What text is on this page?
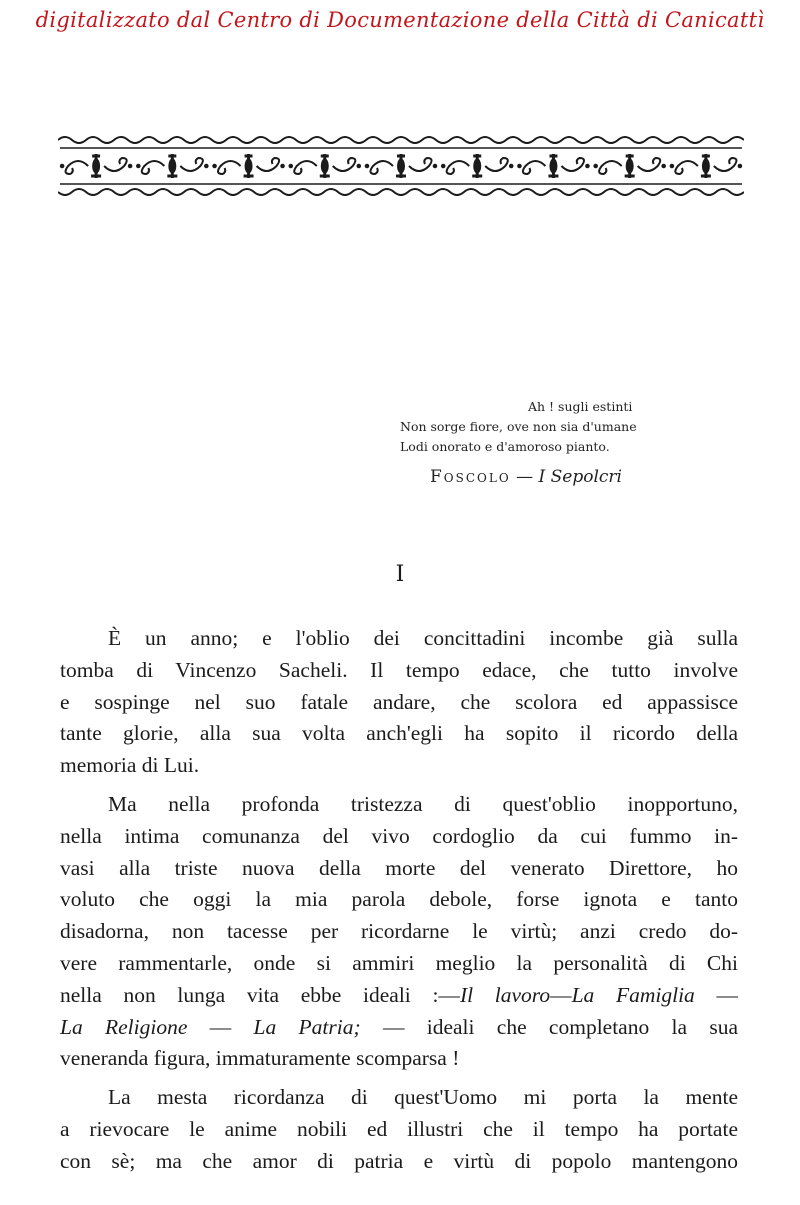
digitalizzato dal Centro di Documentazione della Città di Canicattì
Ah ! sugli estinti
Non sorge fiore, ove non sia d'umane
Lodi onorato e d'amoroso pianto.
Foscolo — I Sepolcri
I
È un anno; e l'oblio dei concittadini incombe già sulla
tomba di Vincenzo Sacheli. Il tempo edace, che tutto involve
e sospinge nel suo fatale andare, che scolora ed appassisce
tante glorie, alla sua volta anch'egli ha sopito il ricordo della
memoria di Lui.
Ma nella profonda tristezza di quest'oblio inopportuno,
nella intima comunanza del vivo cordoglio da cui fummo in-
vasi alla triste nuova della morte del venerato Direttore, ho
voluto che oggi la mia parola debole, forse ignota e tanto
disadorna, non tacesse per ricordarne le virtù; anzi credo do-
vere rammentarle, onde si ammiri meglio la personalità di Chi
nella non lunga vita ebbe ideali :—Il lavoro—La Famiglia —
La Religione — La Patria; — ideali che completano la sua
veneranda figura, immaturamente scomparsa !
La mesta ricordanza di quest'Uomo mi porta la mente
a rievocare le anime nobili ed illustri che il tempo ha portate
con sè; ma che amor di patria e virtù di popolo mantengono
